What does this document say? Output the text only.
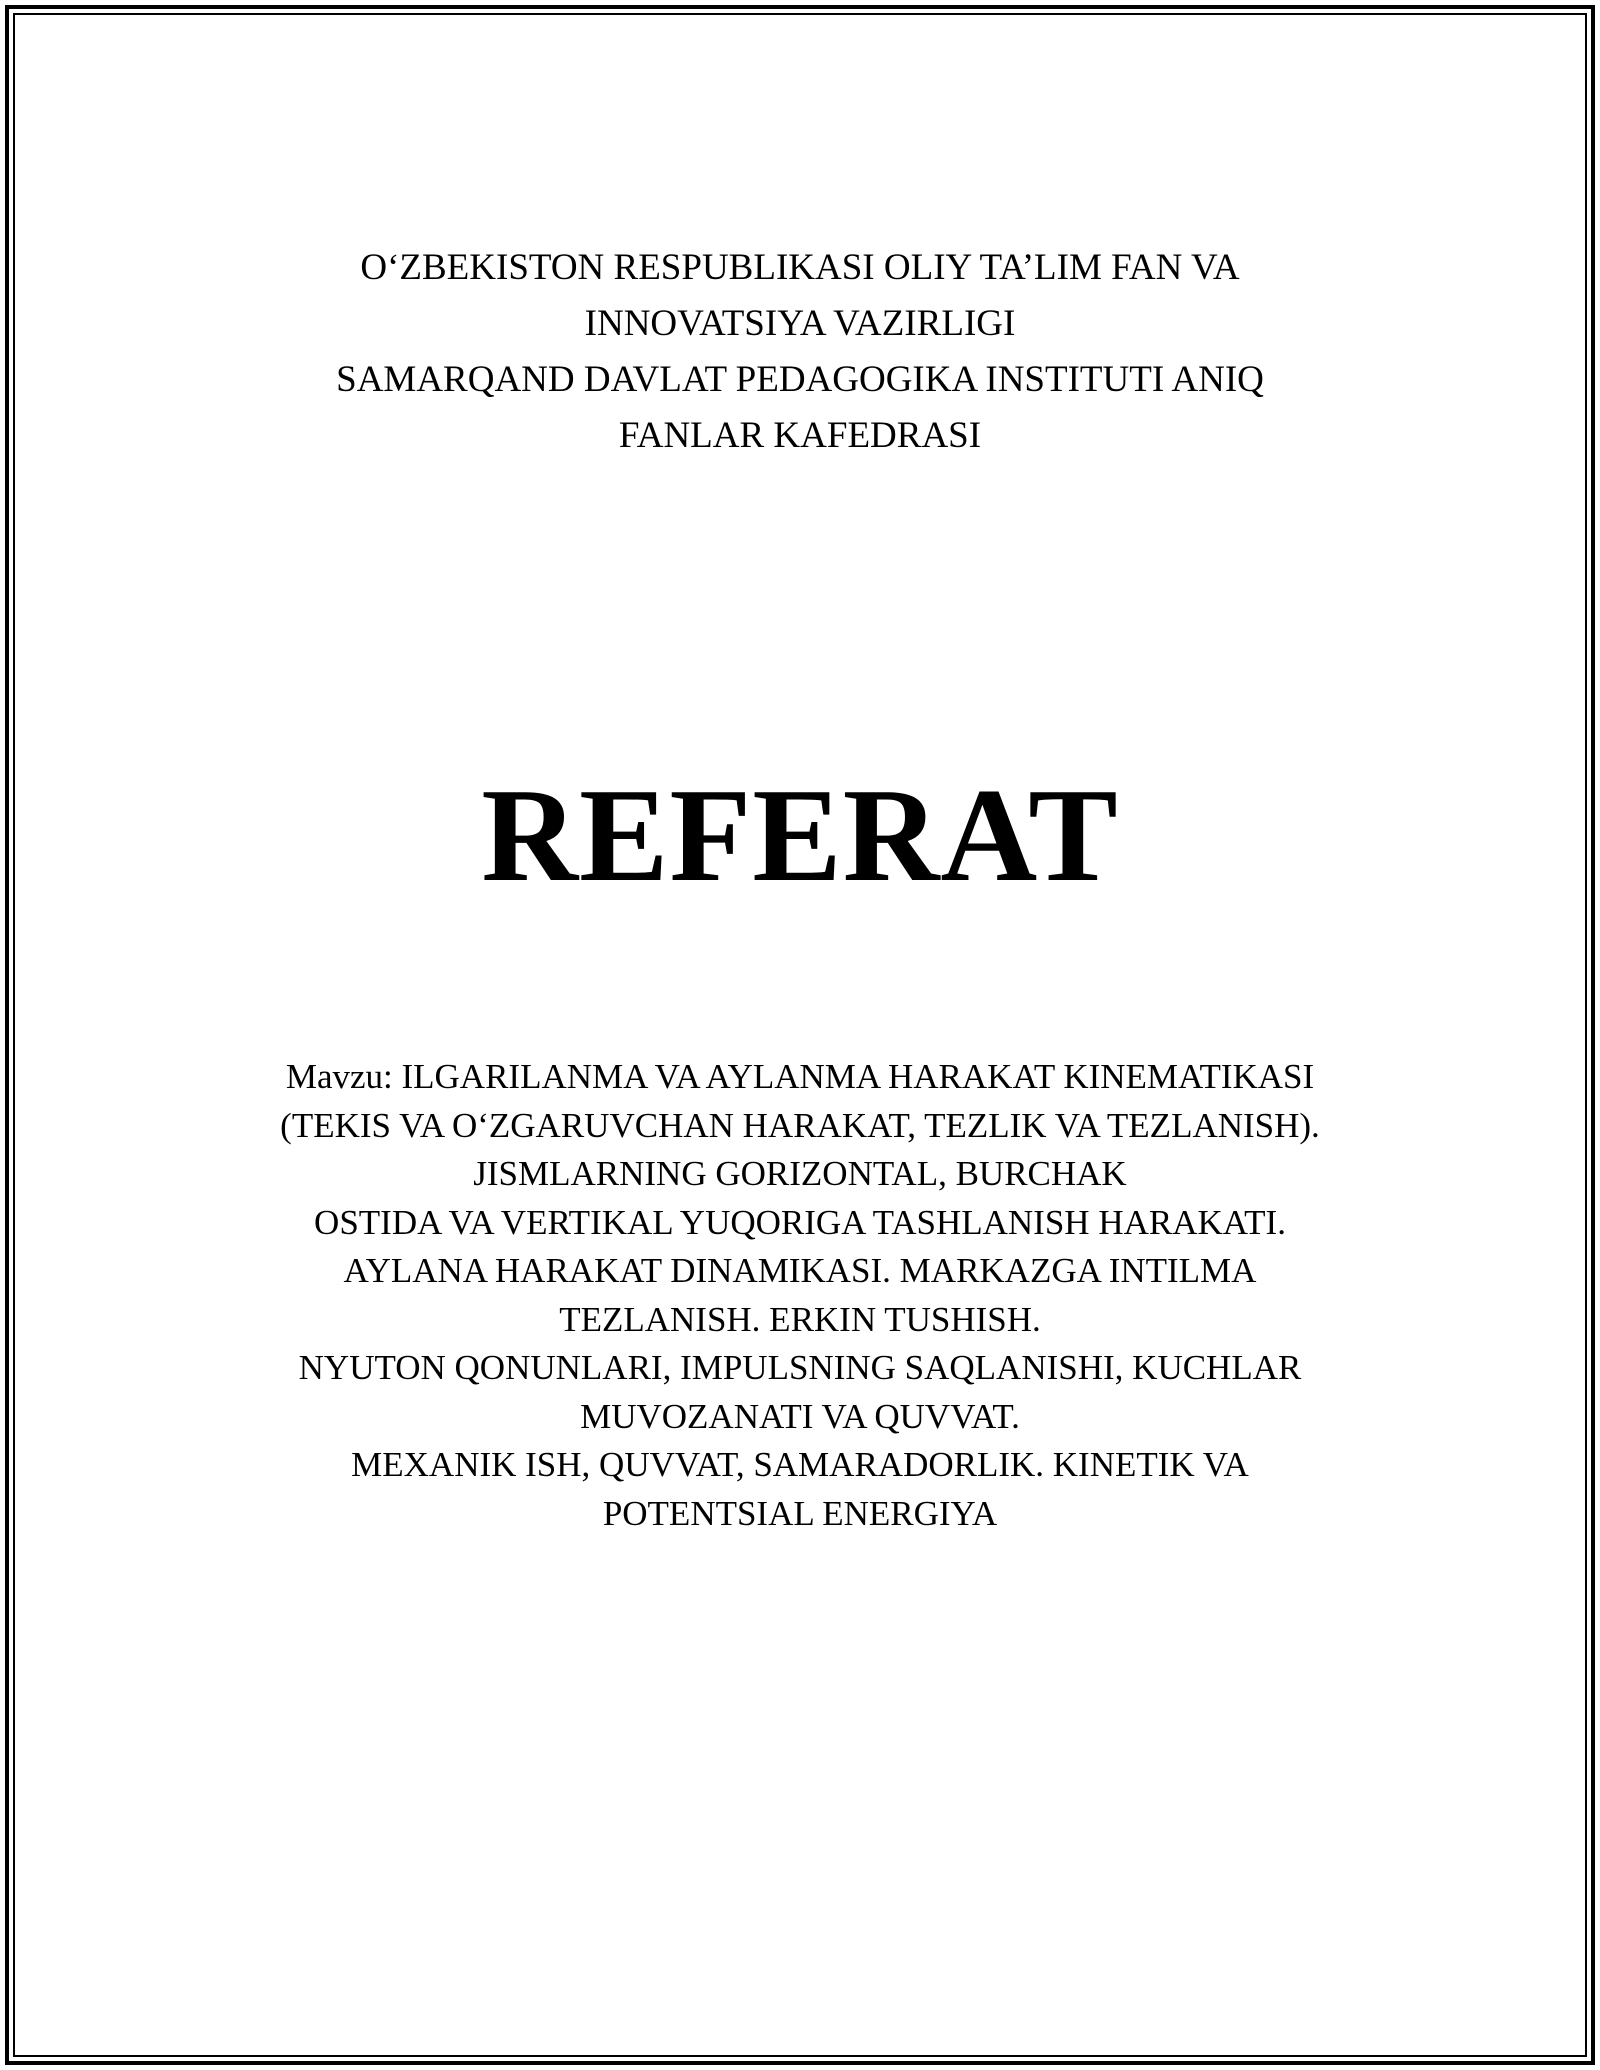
O‘ZBEKISTON RESPUBLIKASI OLIY TA’LIM FAN VA
INNOVATSIYA VAZIRLIGI
SAMARQAND DAVLAT PEDAGOGIKA INSTITUTI ANIQ
FANLAR KAFEDRASI
REFERAT
Mavzu: ILGARILANMA VA AYLANMA HARAKAT KINEMATIKASI
(TEKIS VA O‘ZGARUVCHAN HARAKAT, TEZLIK VA TEZLANISH).
JISMLARNING GORIZONTAL, BURCHAK
OSTIDA VA VERTIKAL YUQORIGA TASHLANISH HARAKATI.
AYLANA HARAKAT DINAMIKASI. MARKAZGA INTILMA
TEZLANISH. ERKIN TUSHISH.
NYUTON QONUNLARI, IMPULSNING SAQLANISHI, KUCHLAR
MUVOZANATI VA QUVVAT.
MEXANIK ISH, QUVVAT, SAMARADORLIK. KINETIK VA
POTENTSIAL ENERGIYA
